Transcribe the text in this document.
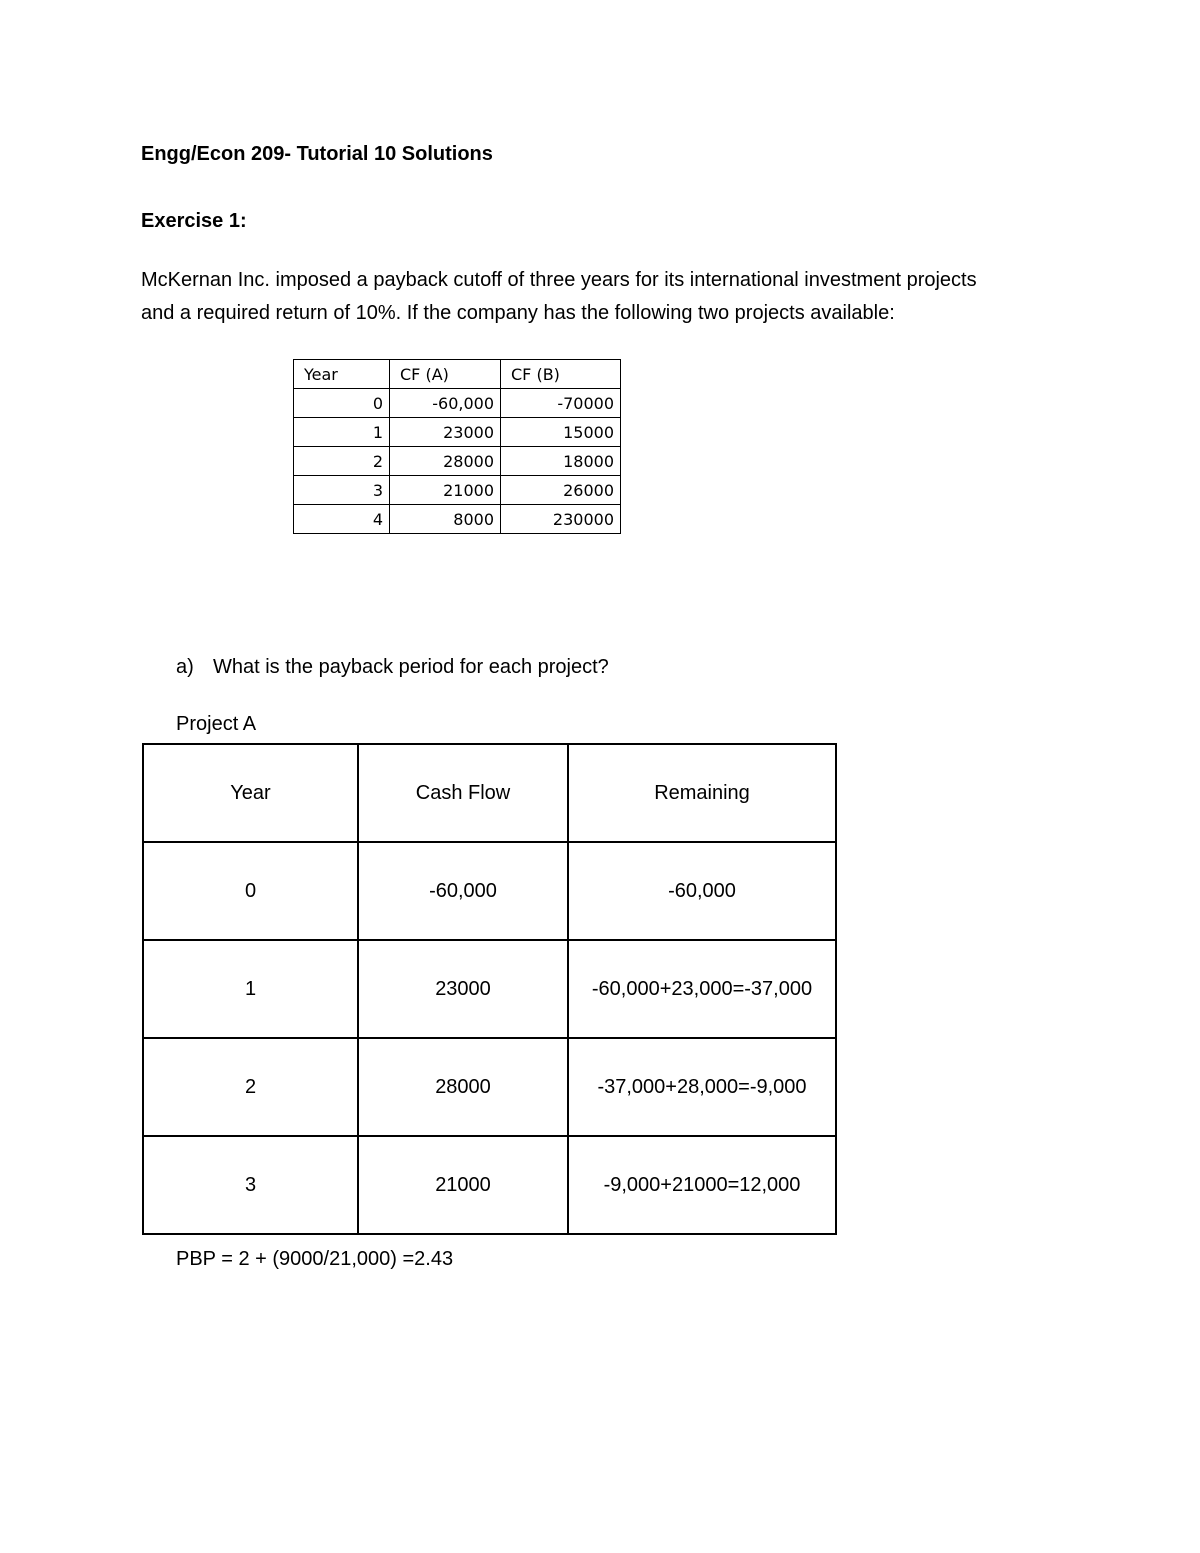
Engg/Econ 209- Tutorial 10 Solutions
Exercise 1:
McKernan Inc. imposed a payback cutoff of three years for its international investment projects
and a required return of 10%. If the company has the following two projects available:
Year	CF (A)	CF (B)
0	-60,000	-70000
1	23000	15000
2	28000	18000
3	21000	26000
4	8000	230000
a) What is the payback period for each project?
Project A
Year	Cash Flow	Remaining
0	-60,000	-60,000
1	23000	-60,000+23,000=-37,000
2	28000	-37,000+28,000=-9,000
3	21000	-9,000+21000=12,000
PBP = 2 + (9000/21,000) =2.43
